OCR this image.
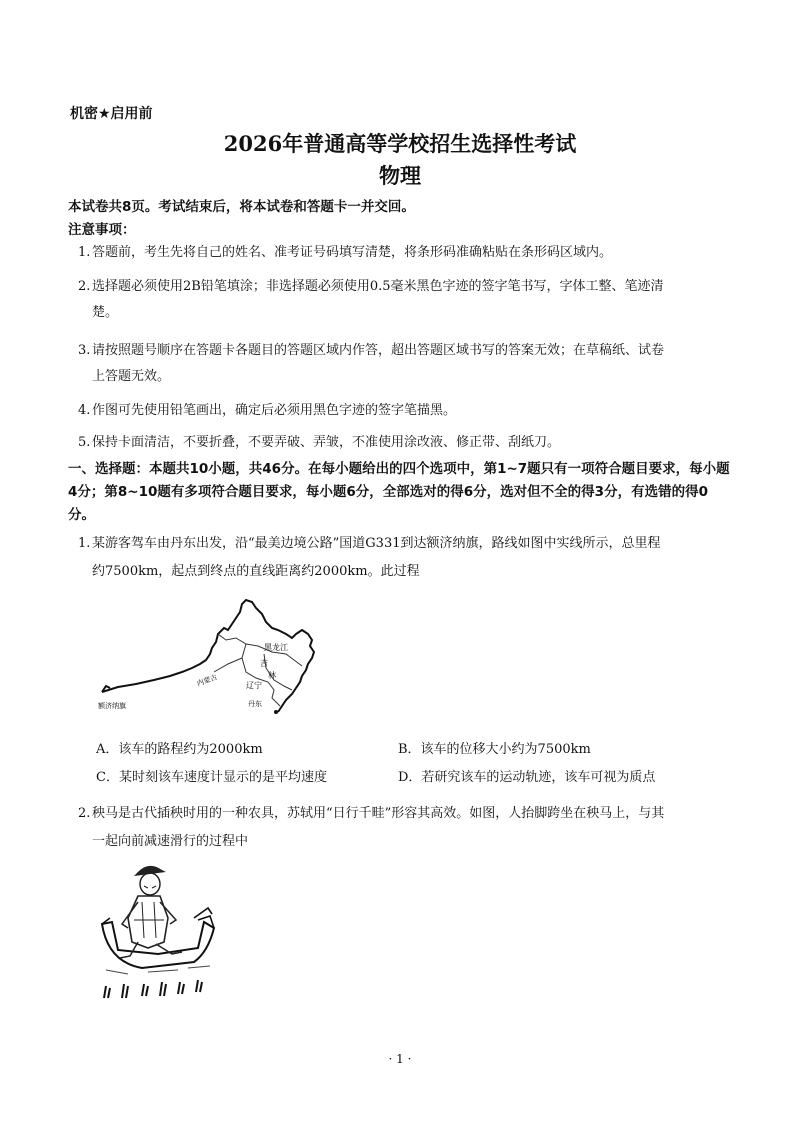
机密★启用前
2026年普通高等学校招生选择性考试
物理
本试卷共8页。考试结束后，将本试卷和答题卡一并交回。
注意事项：
1. 答题前，考生先将自己的姓名、准考证号码填写清楚，将条形码准确粘贴在条形码区域内。
2. 选择题必须使用2B铅笔填涂；非选择题必须使用0.5毫米黑色字迹的签字笔书写，字体工整、笔迹清
楚。
3. 请按照题号顺序在答题卡各题目的答题区域内作答，超出答题区域书写的答案无效；在草稿纸、试卷
上答题无效。
4. 作图可先使用铅笔画出，确定后必须用黑色字迹的签字笔描黑。
5. 保持卡面清洁，不要折叠，不要弄破、弄皱，不准使用涂改液、修正带、刮纸刀。
一、选择题：本题共10小题，共46分。在每小题给出的四个选项中，第1~7题只有一项符合题目要求，每小题
4分；第8~10题有多项符合题目要求，每小题6分，全部选对的得6分，选对但不全的得3分，有选错的得0
分。
1. 某游客驾车由丹东出发，沿“最美边境公路”国道G331到达额济纳旗，路线如图中实线所示，总里程
约7500km，起点到终点的直线距离约2000km。此过程
黑龙江
吉
林
辽宁
丹东
内蒙古
额济纳旗
A．该车的路程约为2000km	B．该车的位移大小约为7500km
C．某时刻该车速度计显示的是平均速度	D．若研究该车的运动轨迹，该车可视为质点
2. 秧马是古代插秧时用的一种农具，苏轼用“日行千畦”形容其高效。如图，人抬脚跨坐在秧马上，与其
一起向前减速滑行的过程中
· 1 ·
